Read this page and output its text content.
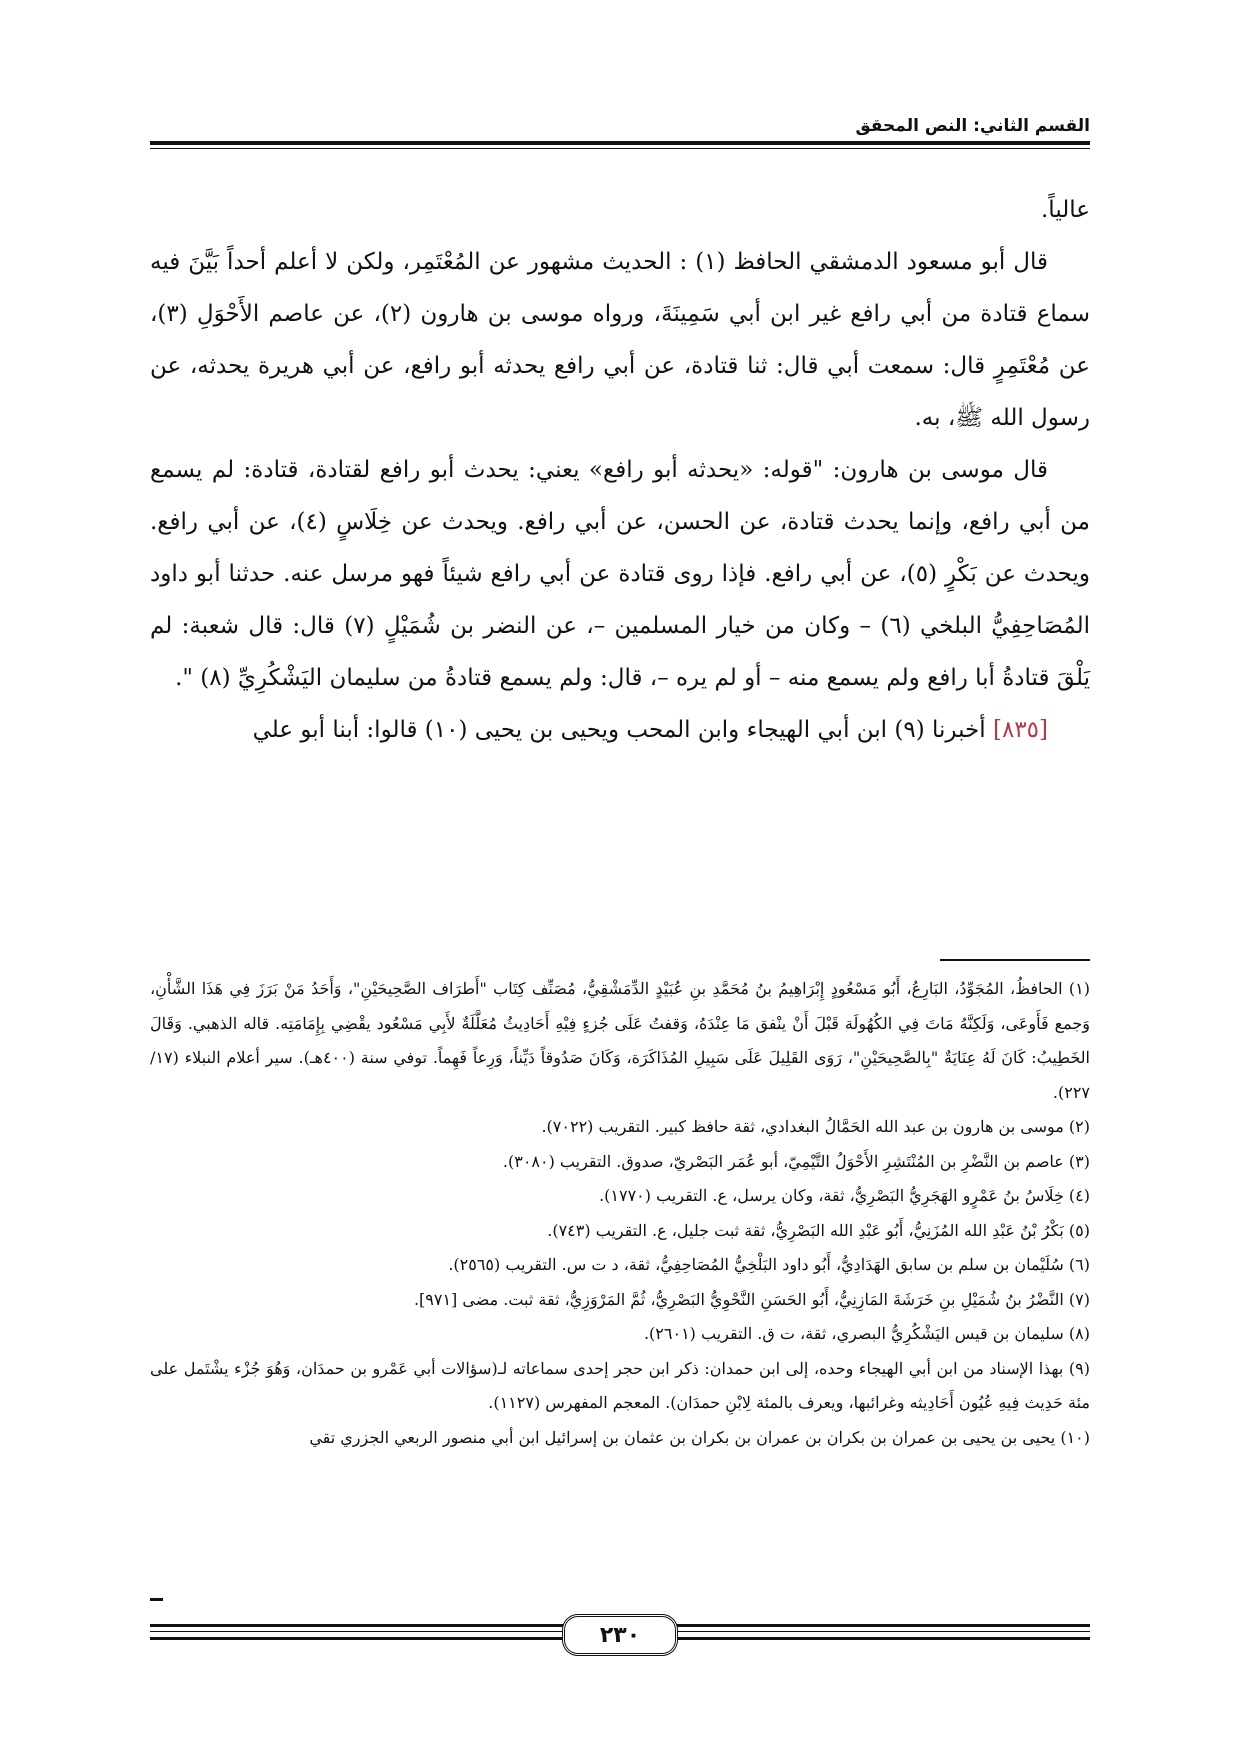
القسم الثاني: النص المحقق

عالياً.

قال أبو مسعود الدمشقي الحافظ (١) : الحديث مشهور عن المُعْتَمِر، ولكن لا أعلم أحداً بَيَّنَ فيه سماع قتادة من أبي رافع غير ابن أبي سَمِينَةَ، ورواه موسى بن هارون (٢)، عن عاصم الأَحْوَلِ (٣)، عن مُعْتَمِرٍ قال: سمعت أبي قال: ثنا قتادة، عن أبي رافع يحدثه أبو رافع، عن أبي هريرة يحدثه، عن رسول الله ﷺ، به.

قال موسى بن هارون: "قوله: «يحدثه أبو رافع» يعني: يحدث أبو رافع لقتادة، قتادة: لم يسمع من أبي رافع، وإنما يحدث قتادة، عن الحسن، عن أبي رافع. ويحدث عن خِلَاسٍ (٤)، عن أبي رافع. ويحدث عن بَكْرٍ (٥)، عن أبي رافع. فإذا روى قتادة عن أبي رافع شيئاً فهو مرسل عنه. حدثنا أبو داود المُصَاحِفِيُّ البلخي (٦) – وكان من خيار المسلمين –، عن النضر بن شُمَيْلٍ (٧) قال: قال شعبة: لم يَلْقَ قتادةُ أبا رافع ولم يسمع منه – أو لم يره –، قال: ولم يسمع قتادةُ من سليمان اليَشْكُرِيِّ (٨) ".

[٨٣٥] أخبرنا (٩) ابن أبي الهيجاء وابن المحب ويحيى بن يحيى (١٠) قالوا: أبنا أبو علي

(١) الحافظُ، المُجَوِّدُ، البَارِعُ، أَبُو مَسْعُودٍ إِبْرَاهِيمُ بنُ مُحَمَّدِ بنِ عُبَيْدٍ الدِّمَشْقِيُّ، مُصَنِّف كِتَاب "أَطرَاف الصَّحِيحَيْنِ"، وَأَحَدُ مَنْ بَرَزَ فِي هَذَا الشَّأْنِ، وَجمع فَأَوعَى، وَلَكِنَّهُ مَاتَ فِي الكُهُولَة قَبْلَ أَنْ ينْفق مَا عِنْدَهُ، وَقفتُ عَلَى جُزءٍ فِيْهِ أَحَادِيثُ مُعَلَّلَةٌ لأَبِي مَسْعُود يقْضِي بِإِمَامَتِه. قاله الذهبي. وَقَالَ الخَطِيبُ: كَانَ لَهُ عِنَايَةٌ "بِالصَّحِيحَيْنِ"، رَوَى القَلِيلَ عَلَى سَبِيلِ المُذَاكَرَة، وَكَانَ صَدُوقاً دَيِّناً، وَرِعاً فَهِماً. توفي سنة (٤٠٠هـ). سير أعلام النبلاء (١٧/ ٢٢٧).

(٢) موسى بن هارون بن عبد الله الحَمَّالُ البغدادي، ثقة حافظ كبير. التقريب (٧٠٢٢).

(٣) عاصم بن النَّضْرِ بن المُنْتَشِرِ الأَحْوَلُ التَّيْمِيّ، أبو عُمَر البَصْريّ، صدوق. التقريب (٣٠٨٠).

(٤) خِلَاسُ بنُ عَمْرٍو الهَجَرِيُّ البَصْرِيُّ، ثقة، وكان يرسل، ع. التقريب (١٧٧٠).

(٥) بَكْرُ بْنُ عَبْدِ الله المُزَنِيُّ، أَبُو عَبْدِ الله البَصْرِيُّ، ثقة ثبت جليل، ع. التقريب (٧٤٣).

(٦) سُلَيْمان بن سلم بن سابق الهَدَادِيُّ، أَبُو داود البَلْخِيُّ المُصَاحِفِيُّ، ثقة، د ت س. التقريب (٢٥٦٥).

(٧) النَّضْرُ بنُ شُمَيْلِ بنِ خَرَشَةَ المَازِنِيُّ، أَبُو الحَسَنِ النَّحْوِيُّ البَصْرِيُّ، ثُمَّ المَرْوَزِيُّ، ثقة ثبت. مضى [٩٧١].

(٨) سليمان بن قيس اليَشْكُرِيُّ البصري، ثقة، ت ق. التقريب (٢٦٠١).

(٩) بهذا الإسناد من ابن أبي الهيجاء وحده، إلى ابن حمدان: ذكر ابن حجر إحدى سماعاته لـ(سؤالات أبي عَمْرو بن حمدَان، وَهُوَ جُزْء يشْتَمل على مئة حَدِيث فِيهِ عُيُون أَحَادِيثه وغرائبها، ويعرف بالمئة لِابْنِ حمدَان). المعجم المفهرس (١١٢٧).

(١٠) يحيى بن يحيى بن عمران بن بكران بن عمران بن بكران بن عثمان بن إسرائيل ابن أبي منصور الربعي الجزري تقي

٢٣٠
